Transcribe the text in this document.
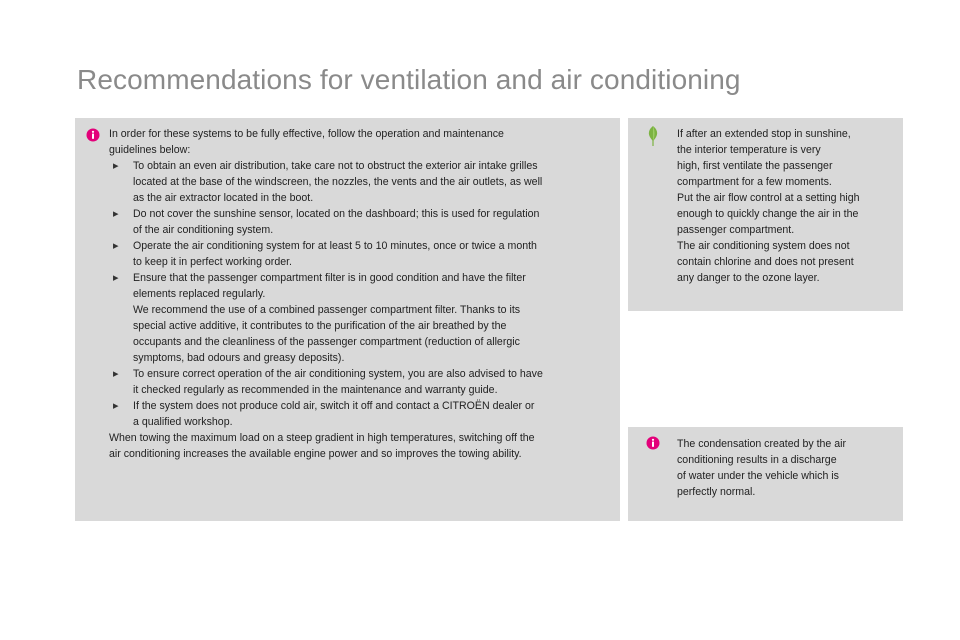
Recommendations for ventilation and air conditioning
In order for these systems to be fully effective, follow the operation and maintenance
guidelines below:
▸ To obtain an even air distribution, take care not to obstruct the exterior air intake grilles
located at the base of the windscreen, the nozzles, the vents and the air outlets, as well
as the air extractor located in the boot.
▸ Do not cover the sunshine sensor, located on the dashboard; this is used for regulation
of the air conditioning system.
▸ Operate the air conditioning system for at least 5 to 10 minutes, once or twice a month
to keep it in perfect working order.
▸ Ensure that the passenger compartment filter is in good condition and have the filter
elements replaced regularly.
We recommend the use of a combined passenger compartment filter. Thanks to its
special active additive, it contributes to the purification of the air breathed by the
occupants and the cleanliness of the passenger compartment (reduction of allergic
symptoms, bad odours and greasy deposits).
▸ To ensure correct operation of the air conditioning system, you are also advised to have
it checked regularly as recommended in the maintenance and warranty guide.
▸ If the system does not produce cold air, switch it off and contact a CITROËN dealer or
a qualified workshop.
When towing the maximum load on a steep gradient in high temperatures, switching off the
air conditioning increases the available engine power and so improves the towing ability.
If after an extended stop in sunshine,
the interior temperature is very
high, first ventilate the passenger
compartment for a few moments.
Put the air flow control at a setting high
enough to quickly change the air in the
passenger compartment.
The air conditioning system does not
contain chlorine and does not present
any danger to the ozone layer.
The condensation created by the air
conditioning results in a discharge
of water under the vehicle which is
perfectly normal.
